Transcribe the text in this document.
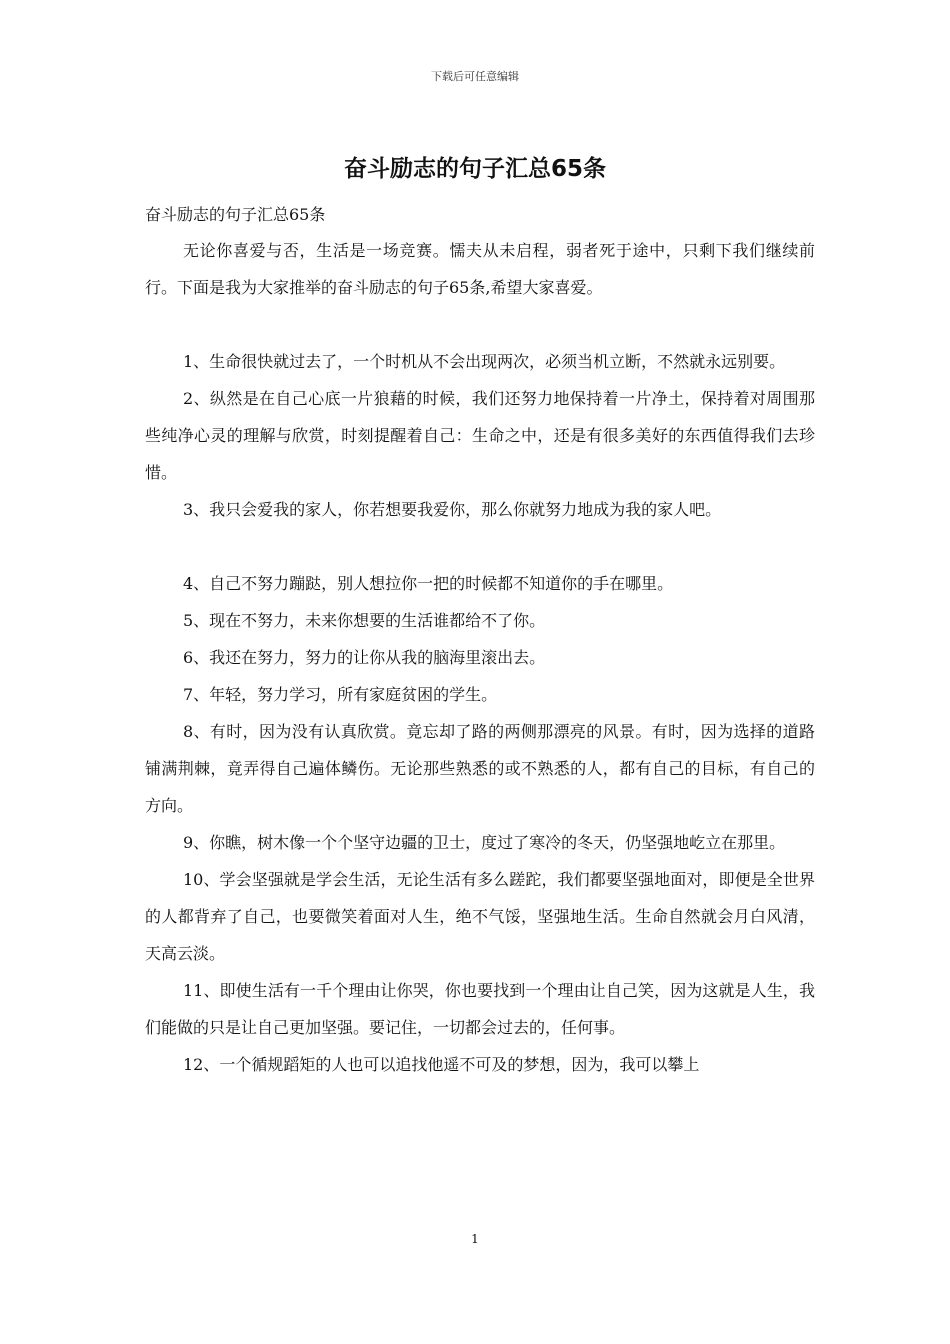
下载后可任意编辑
奋斗励志的句子汇总65条
奋斗励志的句子汇总65条

无论你喜爱与否，生活是一场竞赛。懦夫从未启程，弱者死于途中，只剩下我们继续前行。下面是我为大家推举的奋斗励志的句子65条,希望大家喜爱。

1、生命很快就过去了，一个时机从不会出现两次，必须当机立断，不然就永远别要。

2、纵然是在自己心底一片狼藉的时候，我们还努力地保持着一片净土，保持着对周围那些纯净心灵的理解与欣赏，时刻提醒着自己：生命之中，还是有很多美好的东西值得我们去珍惜。

3、我只会爱我的家人，你若想要我爱你，那么你就努力地成为我的家人吧。

4、自己不努力蹦跶，别人想拉你一把的时候都不知道你的手在哪里。

5、现在不努力，未来你想要的生活谁都给不了你。

6、我还在努力，努力的让你从我的脑海里滚出去。

7、年轻，努力学习，所有家庭贫困的学生。

8、有时，因为没有认真欣赏。竟忘却了路的两侧那漂亮的风景。有时，因为选择的道路铺满荆棘，竟弄得自己遍体鳞伤。无论那些熟悉的或不熟悉的人，都有自己的目标，有自己的方向。

9、你瞧，树木像一个个坚守边疆的卫士，度过了寒冷的冬天，仍坚强地屹立在那里。

10、学会坚强就是学会生活，无论生活有多么蹉跎，我们都要坚强地面对，即便是全世界的人都背弃了自己，也要微笑着面对人生，绝不气馁，坚强地生活。生命自然就会月白风清，天高云淡。

11、即使生活有一千个理由让你哭，你也要找到一个理由让自己笑，因为这就是人生，我们能做的只是让自己更加坚强。要记住，一切都会过去的，任何事。

12、一个循规蹈矩的人也可以追找他遥不可及的梦想，因为，我可以攀上

1
